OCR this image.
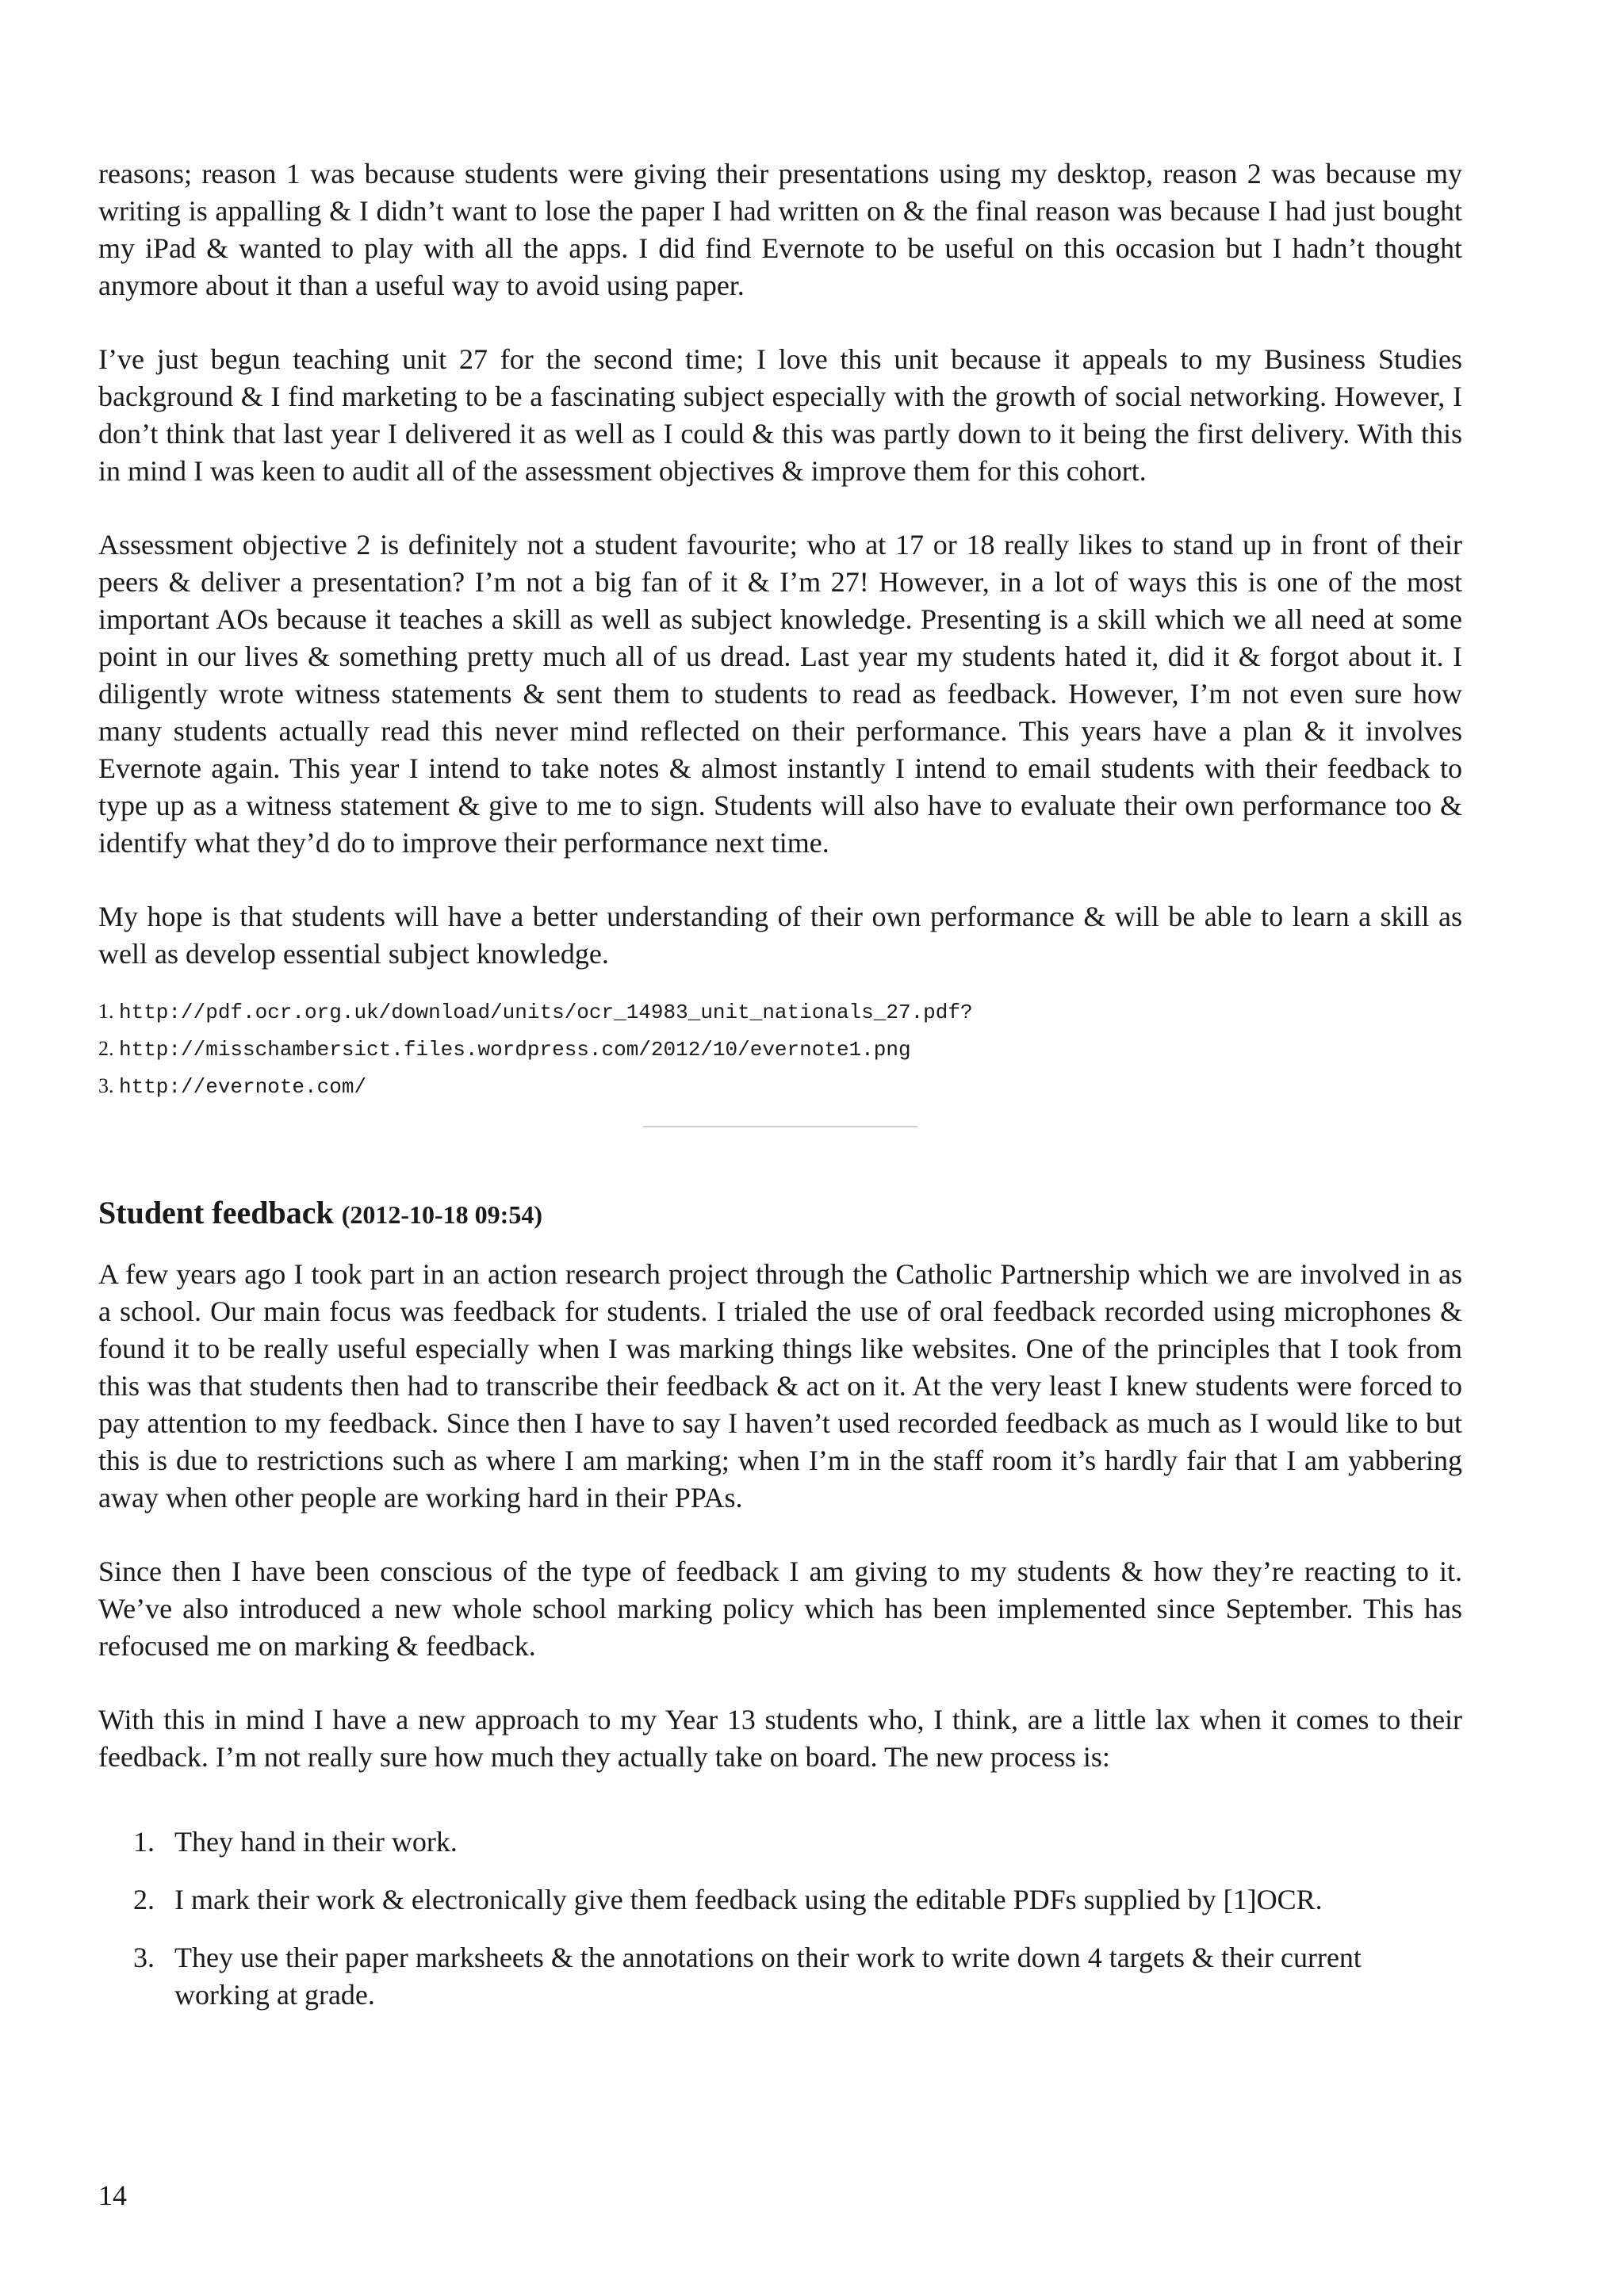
reasons; reason 1 was because students were giving their presentations using my desktop, reason 2 was because my writing is appalling & I didn’t want to lose the paper I had written on & the final reason was because I had just bought my iPad & wanted to play with all the apps. I did find Evernote to be useful on this occasion but I hadn’t thought anymore about it than a useful way to avoid using paper.

I’ve just begun teaching unit 27 for the second time; I love this unit because it appeals to my Business Studies background & I find marketing to be a fascinating subject especially with the growth of social networking. However, I don’t think that last year I delivered it as well as I could & this was partly down to it being the first delivery. With this in mind I was keen to audit all of the assessment objectives & improve them for this cohort.

Assessment objective 2 is definitely not a student favourite; who at 17 or 18 really likes to stand up in front of their peers & deliver a presentation? I’m not a big fan of it & I’m 27! However, in a lot of ways this is one of the most important AOs because it teaches a skill as well as subject knowledge. Presenting is a skill which we all need at some point in our lives & something pretty much all of us dread. Last year my students hated it, did it & forgot about it. I diligently wrote witness statements & sent them to students to read as feedback. However, I’m not even sure how many students actually read this never mind reflected on their performance. This years have a plan & it involves Evernote again. This year I intend to take notes & almost instantly I intend to email students with their feedback to type up as a witness statement & give to me to sign. Students will also have to evaluate their own performance too & identify what they’d do to improve their performance next time.

My hope is that students will have a better understanding of their own performance & will be able to learn a skill as well as develop essential subject knowledge.

1. http://pdf.ocr.org.uk/download/units/ocr_14983_unit_nationals_27.pdf?
2. http://misschambersict.files.wordpress.com/2012/10/evernote1.png
3. http://evernote.com/
Student feedback (2012-10-18 09:54)

A few years ago I took part in an action research project through the Catholic Partnership which we are involved in as a school. Our main focus was feedback for students. I trialed the use of oral feedback recorded using microphones & found it to be really useful especially when I was marking things like websites. One of the principles that I took from this was that students then had to transcribe their feedback & act on it. At the very least I knew students were forced to pay attention to my feedback. Since then I have to say I haven’t used recorded feedback as much as I would like to but this is due to restrictions such as where I am marking; when I’m in the staff room it’s hardly fair that I am yabbering away when other people are working hard in their PPAs.

Since then I have been conscious of the type of feedback I am giving to my students & how they’re reacting to it. We’ve also introduced a new whole school marking policy which has been implemented since September. This has refocused me on marking & feedback.

With this in mind I have a new approach to my Year 13 students who, I think, are a little lax when it comes to their feedback. I’m not really sure how much they actually take on board. The new process is:

1. They hand in their work.
2. I mark their work & electronically give them feedback using the editable PDFs supplied by [1]OCR.
3. They use their paper marksheets & the annotations on their work to write down 4 targets & their current working at grade.
14
